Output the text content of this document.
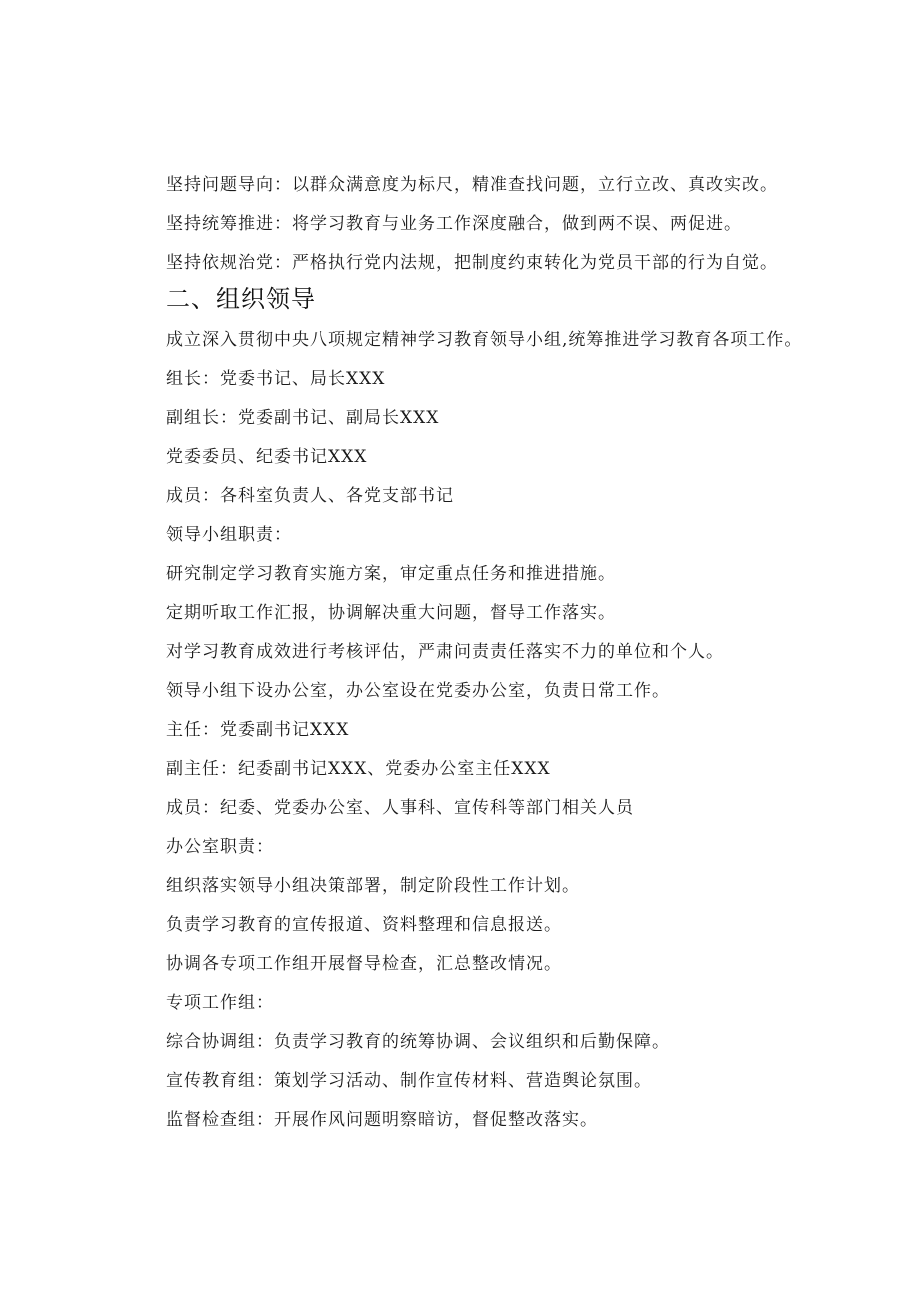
坚持问题导向：以群众满意度为标尺，精准查找问题，立行立改、真改实改。
坚持统筹推进：将学习教育与业务工作深度融合，做到两不误、两促进。
坚持依规治党：严格执行党内法规，把制度约束转化为党员干部的行为自觉。
二、组织领导
成立深入贯彻中央八项规定精神学习教育领导小组,统筹推进学习教育各项工作。
组长：党委书记、局长XXX
副组长：党委副书记、副局长XXX
党委委员、纪委书记XXX
成员：各科室负责人、各党支部书记
领导小组职责：
研究制定学习教育实施方案，审定重点任务和推进措施。
定期听取工作汇报，协调解决重大问题，督导工作落实。
对学习教育成效进行考核评估，严肃问责责任落实不力的单位和个人。
领导小组下设办公室，办公室设在党委办公室，负责日常工作。
主任：党委副书记XXX
副主任：纪委副书记XXX、党委办公室主任XXX
成员：纪委、党委办公室、人事科、宣传科等部门相关人员
办公室职责：
组织落实领导小组决策部署，制定阶段性工作计划。
负责学习教育的宣传报道、资料整理和信息报送。
协调各专项工作组开展督导检查，汇总整改情况。
专项工作组：
综合协调组：负责学习教育的统筹协调、会议组织和后勤保障。
宣传教育组：策划学习活动、制作宣传材料、营造舆论氛围。
监督检查组：开展作风问题明察暗访，督促整改落实。
